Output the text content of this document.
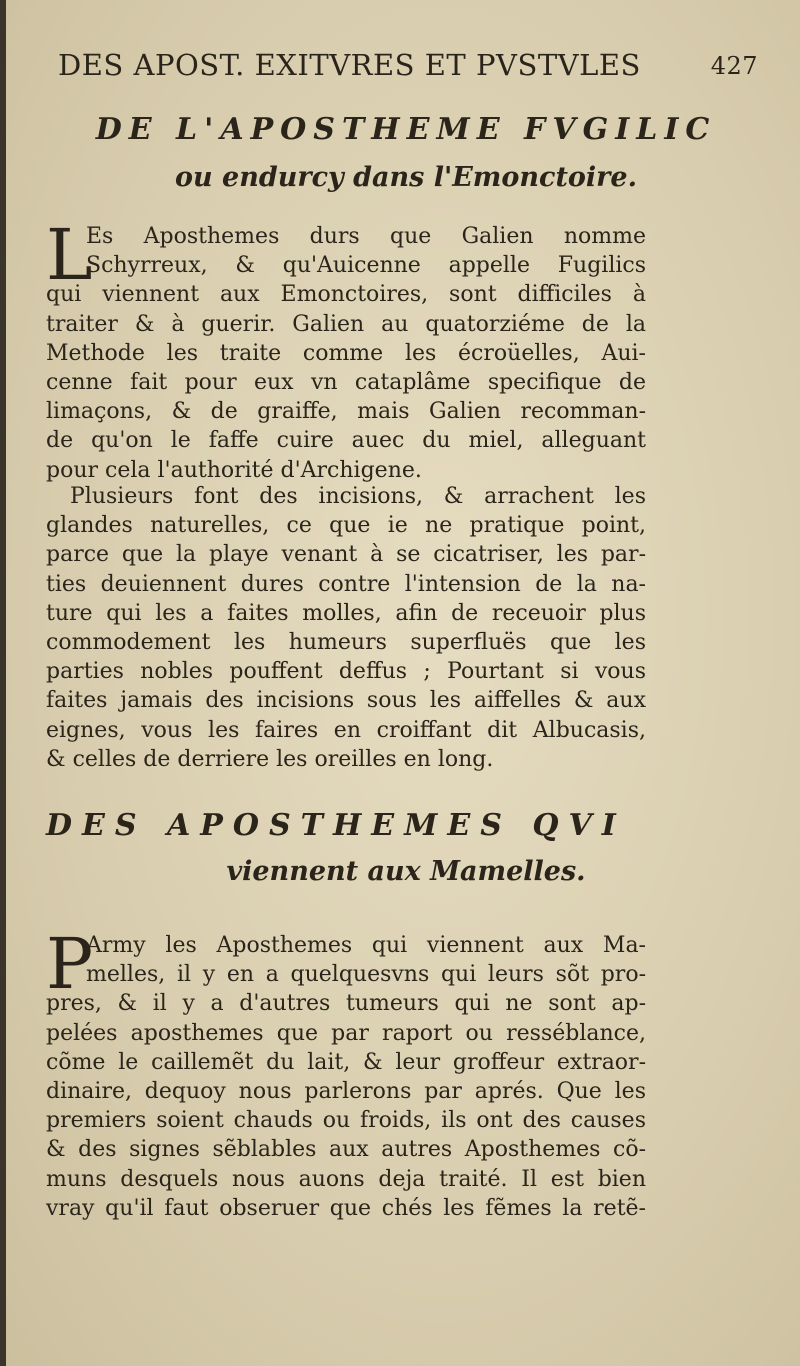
DES APOST. EXITVRES ET PVSTVLES	427
DE L'APOSTHEME FVGILIC
ou endurcy dans l'Emonctoire.
L
Es Aposthemes durs que Galien nomme
Schyrreux, & qu'Auicenne appelle Fugilics
qui viennent aux Emonctoires, sont difficiles à
traiter & à guerir. Galien au quatorziéme de la
Methode les traite comme les écroüelles, Aui-
cenne fait pour eux vn cataplâme specifique de
limaçons, & de graiffe, mais Galien recomman-
de qu'on le faffe cuire auec du miel, alleguant
pour cela l'authorité d'Archigene.
Plusieurs font des incisions, & arrachent les
glandes naturelles, ce que ie ne pratique point,
parce que la playe venant à se cicatriser, les par-
ties deuiennent dures contre l'intension de la na-
ture qui les a faites molles, afin de receuoir plus
commodement les humeurs superfluës que les
parties nobles pouffent deffus ; Pourtant si vous
faites jamais des incisions sous les aiffelles & aux
eignes, vous les faires en croiffant dit Albucasis,
& celles de derriere les oreilles en long.
DES APOSTHEMES QVI
viennent aux Mamelles.
P
Army les Aposthemes qui viennent aux Ma-
melles, il y en a quelquesvns qui leurs sõt pro-
pres, & il y a d'autres tumeurs qui ne sont ap-
pelées aposthemes que par raport ou resséblance,
cõme le caillemẽt du lait, & leur groffeur extraor-
dinaire, dequoy nous parlerons par aprés. Que les
premiers soient chauds ou froids, ils ont des causes
& des signes sẽblables aux autres Aposthemes cõ-
muns desquels nous auons deja traité. Il est bien
vray qu'il faut obseruer que chés les fẽmes la retẽ-
